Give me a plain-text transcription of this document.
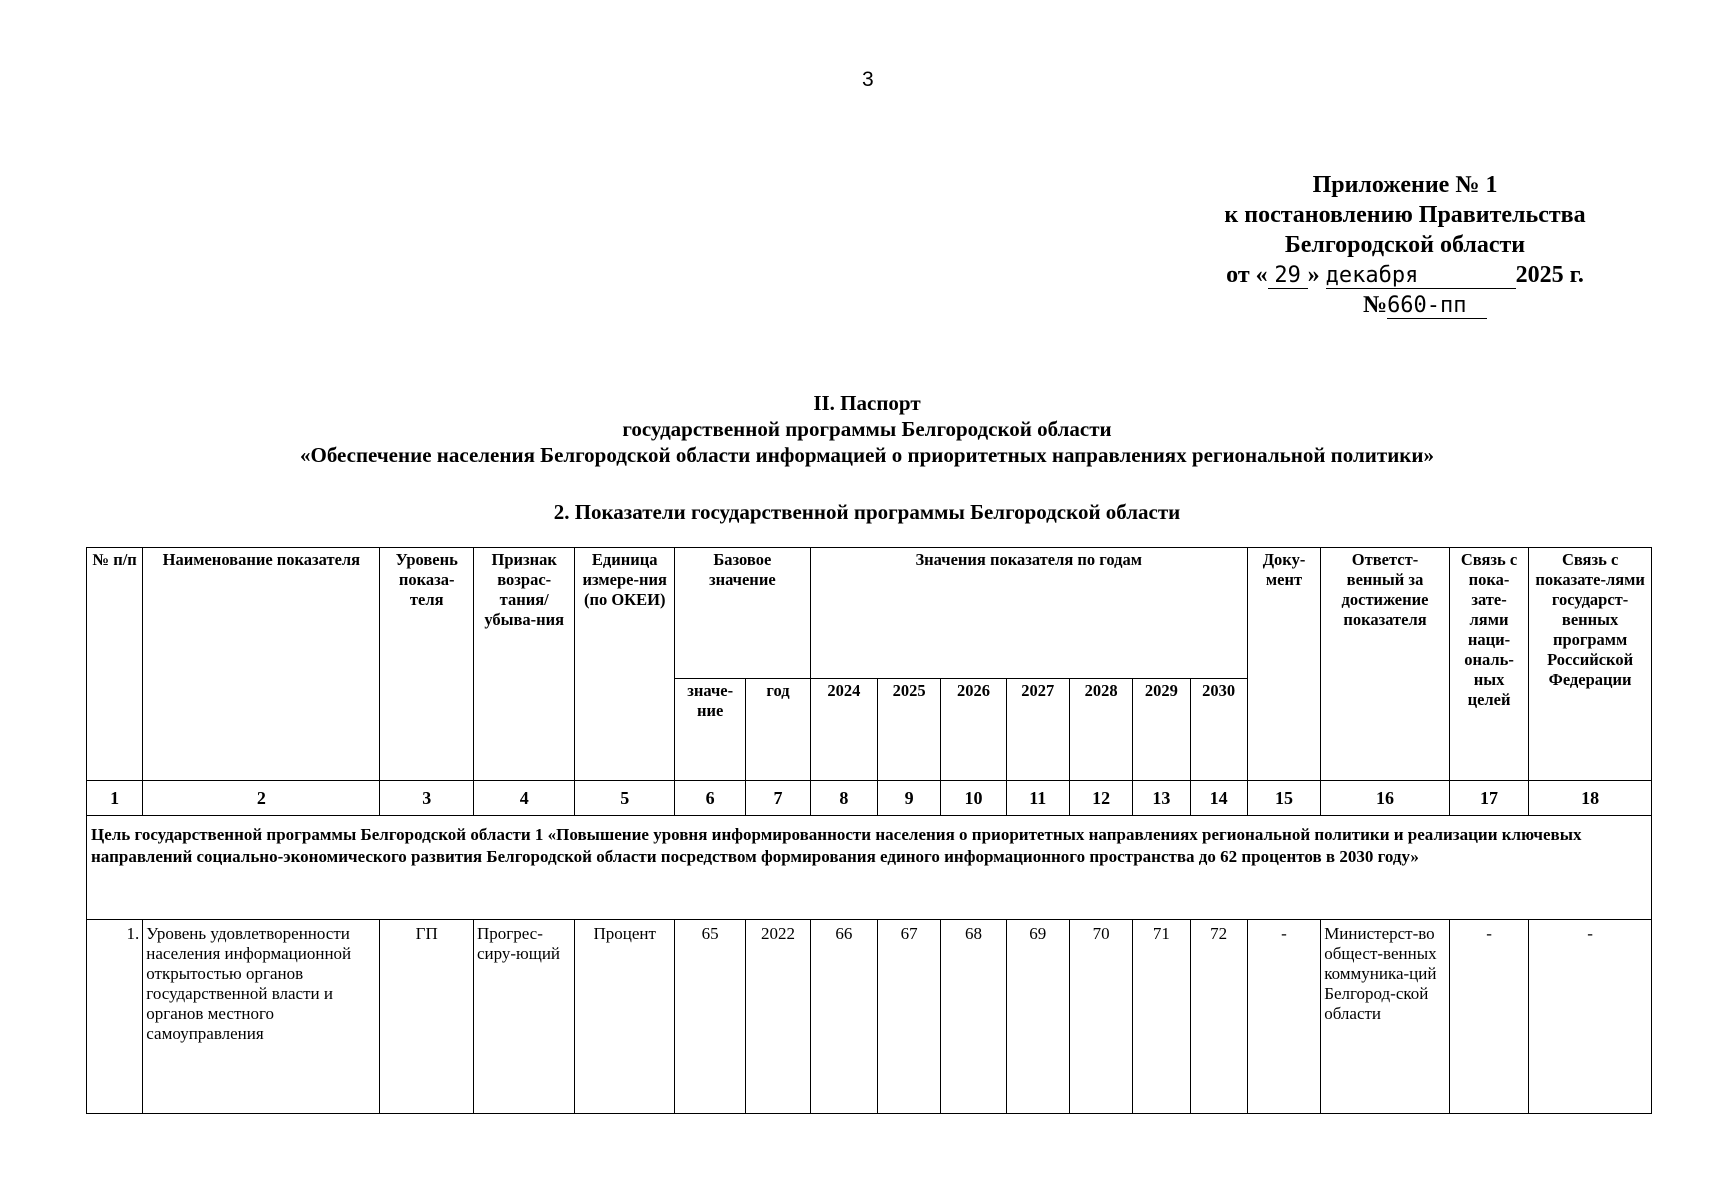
3
Приложение № 1
к постановлению Правительства
Белгородской области
от « 29 » декабря	2025 г.
№660-пп
II. Паспорт
государственной программы Белгородской области
«Обеспечение населения Белгородской области информацией о приоритетных направлениях региональной политики»
2. Показатели государственной программы Белгородской области
№ п/п	Наименование показателя	Уровень показа-теля	Признак возрас-тания/ убыва-ния	Единица измере-ния (по ОКЕИ)	Базовое значение		Значения показателя по годам							Доку-мент	Ответст-венный за достижение показателя	Связь с пока-зате-лями наци-ональ-ных целей	Связь с показате-лями государст-венных программ Российской Федерации
					значе-ние	год	2024	2025	2026	2027	2028	2029	2030				
1	2	3	4	5	6	7	8	9	10	11	12	13	14	15	16	17	18
Цель государственной программы Белгородской области 1 «Повышение уровня информированности населения о приоритетных направлениях региональной политики и реализации ключевых направлений социально-экономического развития Белгородской области посредством формирования единого информационного пространства до 62 процентов в 2030 году»																	
1.	Уровень удовлетворенности населения информационной открытостью органов государственной власти и органов местного самоуправления	ГП	Прогрес-сиру-ющий	Процент	65	2022	66	67	68	69	70	71	72	-	Министерст-во общест-венных коммуника-ций Белгород-ской области	-	-
